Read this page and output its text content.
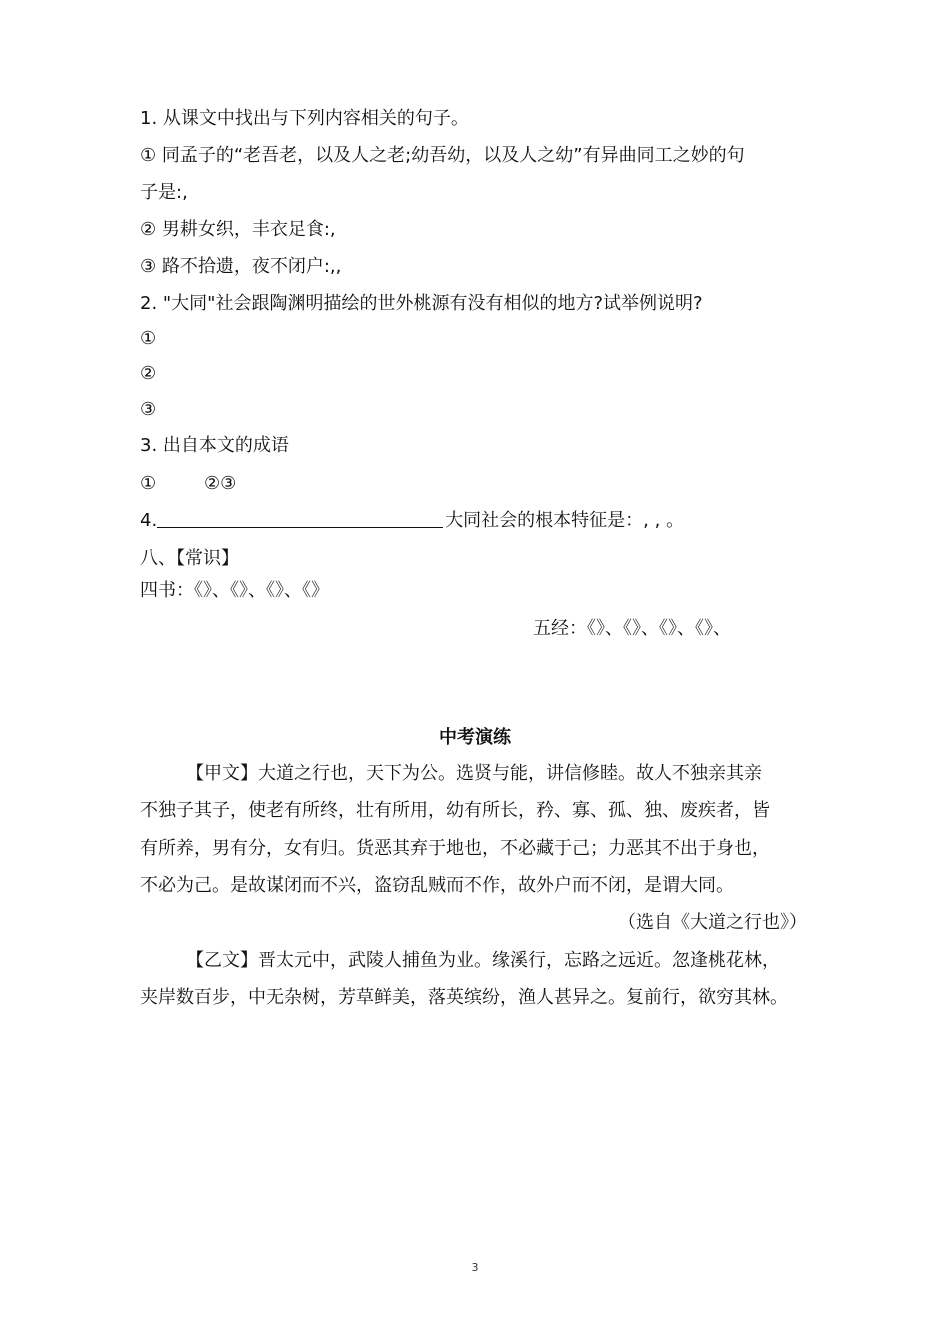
1. 从课文中找出与下列内容相关的句子。
① 同孟子的“老吾老，以及人之老;幼吾幼，以及人之幼”有异曲同工之妙的句
子是:,
② 男耕女织，丰衣足食:,
③ 路不拾遗，夜不闭户:,,
2. "大同"社会跟陶渊明描绘的世外桃源有没有相似的地方?试举例说明?
①
②
③
3. 出自本文的成语
①	②③
4.	大同社会的根本特征是：, , 。
八、【常识】
四书：《》、《》、《》、《》
五经：《》、《》、《》、《》、
中考演练
【甲文】大道之行也，天下为公。选贤与能，讲信修睦。故人不独亲其亲
不独子其子，使老有所终，壮有所用，幼有所长，矜、寡、孤、独、废疾者，皆
有所养，男有分，女有归。货恶其弃于地也，不必藏于己；力恶其不出于身也，
不必为己。是故谋闭而不兴，盗窃乱贼而不作，故外户而不闭，是谓大同。
（选自《大道之行也》）
【乙文】晋太元中，武陵人捕鱼为业。缘溪行，忘路之远近。忽逢桃花林，
夹岸数百步，中无杂树，芳草鲜美，落英缤纷，渔人甚异之。复前行，欲穷其林。
3
